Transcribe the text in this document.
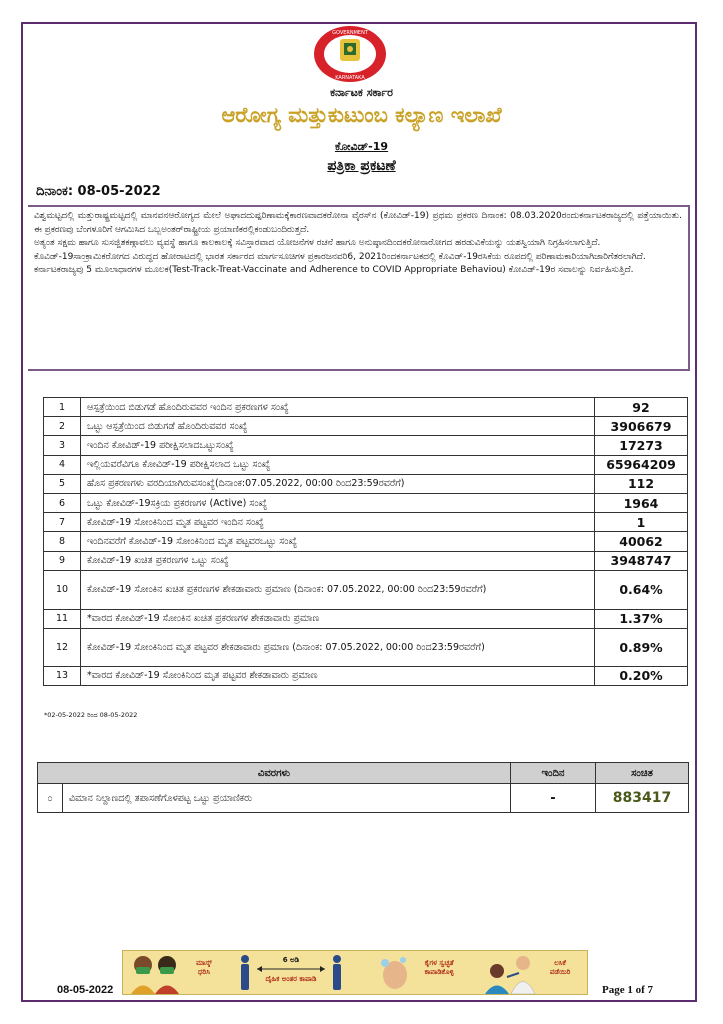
GOVERNMENT
KARNATAKA
ಕರ್ನಾಟಕ ಸರ್ಕಾರ
ಆರೋಗ್ಯ ಮತ್ತುಕುಟುಂಬ ಕಲ್ಯಾಣ ಇಲಾಖೆ
ಕೋವಿಡ್-19
ಪತ್ರಿಕಾ ಪ್ರಕಟಣೆ
ದಿನಾಂಕ: 08-05-2022

ವಿಶ್ವಮಟ್ಟದಲ್ಲಿ ಮತ್ತುರಾಷ್ಟ್ರಮಟ್ಟದಲ್ಲಿ ಮಾನವನಆರೋಗ್ಯದ ಮೇಲೆ ಅಘಾದದುಷ್ಪರಿಣಾಮಕ್ಕೆಕಾರಣವಾದಕರೋನಾ ವೈರಸ್‌ನ (ಕೋವಿಡ್-19) ಪ್ರಥಮ ಪ್ರಕರಣ ದಿನಾಂಕ: 08.03.2020ರಂದುಕರ್ನಾಟಕರಾಜ್ಯದಲ್ಲಿ ಪತ್ತೆಯಾಯಿತು. ಈ ಪ್ರಕರಣವು ಬೆಂಗಳೂರಿಗೆ ಆಗಮಿಸಿದ ಒಬ್ಬಅಂತರ್‌ರಾಷ್ಟ್ರೀಯ ಪ್ರಯಾಣಿಕರಲ್ಲಿಕಂಡುಬಂದಿರುತ್ತದೆ.

ಅತ್ಯಂತ ಸಕ್ಷಮ ಹಾಗೂ ಸುಸಜ್ಜಿತಕಣ್ಗಾವಲು ವ್ಯವಸ್ಥೆ ಹಾಗೂ ಕಾಲಕಾಲಕ್ಕೆ ಸವಿಸ್ತಾರವಾದ ಯೋಜನೆಗಳ ರಚನೆ ಹಾಗೂ ಅನುಷ್ಠಾನದಿಂದಕರೋನಾರೋಗದ ಹರಡುವಿಕೆಯನ್ನು ಯಶಸ್ವಿಯಾಗಿ ನಿಗ್ರಹಿಸಲಾಗುತ್ತಿದೆ.

ಕೊವಿಡ್-19ಸಾಂಕ್ರಾಮಿಕರೋಗದ ವಿರುದ್ಧದ ಹೋರಾಟದಲ್ಲಿ ಭಾರತ ಸರ್ಕಾರದ ಮಾರ್ಗಸೂಚಿಗಳ ಪ್ರಕಾರಜನವರಿ6, 2021ರಿಂದಕರ್ನಾಟಕದಲ್ಲಿ ಕೊವಿಡ್-19ರಸಿಕೆಯ ರೂಪದಲ್ಲಿ ಪರಿಣಾಮಕಾರಿಯಾಗಿಜಾರಿಗೆತರಲಾಗಿದೆ.

ಕರ್ನಾಟಕರಾಜ್ಯವು 5 ಮೂಲಾಧಾರಗಳ ಮೂಲಕ(Test-Track-Treat-Vaccinate and Adherence to COVID Appropriate Behaviou) ಕೋವಿಡ್-19ರ ಸವಾಲನ್ನು ನಿರ್ವಹಿಸುತ್ತಿದೆ.

1	ಆಸ್ಪತ್ರೆಯಿಂದ ಬಿಡುಗಡೆ ಹೊಂದಿರುವವರ ಇಂದಿನ ಪ್ರಕರಣಗಳ ಸಂಖ್ಯೆ	92
2	ಒಟ್ಟು ಆಸ್ಪತ್ರೆಯಿಂದ ಬಿಡುಗಡೆ ಹೊಂದಿರುವವರ ಸಂಖ್ಯೆ	3906679
3	ಇಂದಿನ ಕೋವಿಡ್-19 ಪರೀಕ್ಷಿಸಲಾದಒಟ್ಟುಸಂಖ್ಯೆ	17273
4	ಇಲ್ಲಿಯವರೆವಿಗೂ ಕೋವಿಡ್-19 ಪರೀಕ್ಷಿಸಲಾದ ಒಟ್ಟು ಸಂಖ್ಯೆ	65964209
5	ಹೊಸ ಪ್ರಕರಣಗಳು ವರದಿಯಾಗಿರುವಸಂಖ್ಯೆ(ದಿನಾಂಕ:07.05.2022, 00:00 ರಿಂದ23:59ರವರೆಗೆ)	112
6	ಒಟ್ಟು ಕೋವಿಡ್-19ಸಕ್ರಿಯ ಪ್ರಕರಣಗಳ (Active) ಸಂಖ್ಯೆ	1964
7	ಕೋವಿಡ್-19 ಸೋಂಕಿನಿಂದ ಮೃತ ಪಟ್ಟವರ ಇಂದಿನ ಸಂಖ್ಯೆ	1
8	ಇಂದಿನವರೆಗೆ ಕೋವಿಡ್-19 ಸೋಂಕಿನಿಂದ ಮೃತ ಪಟ್ಟವರಒಟ್ಟು ಸಂಖ್ಯೆ	40062
9	ಕೋವಿಡ್-19 ಖಚಿತ ಪ್ರಕರಣಗಳ ಒಟ್ಟು ಸಂಖ್ಯೆ	3948747
10	ಕೋವಿಡ್-19 ಸೋಂಕಿನ ಖಚಿತ ಪ್ರಕರಣಗಳ ಶೇಕಡಾವಾರು ಪ್ರಮಾಣ (ದಿನಾಂಕ: 07.05.2022, 00:00 ರಿಂದ23:59ರವರೆಗೆ)	0.64%
11	*ವಾರದ ಕೋವಿಡ್-19 ಸೋಂಕಿನ ಖಚಿತ ಪ್ರಕರಣಗಳ ಶೇಕಡಾವಾರು ಪ್ರಮಾಣ	1.37%
12	ಕೋವಿಡ್-19 ಸೋಂಕಿನಿಂದ ಮೃತ ಪಟ್ಟವರ ಶೇಕಡಾವಾರು ಪ್ರಮಾಣ (ದಿನಾಂಕ: 07.05.2022, 00:00 ರಿಂದ23:59ರವರೆಗೆ)	0.89%
13	*ವಾರದ ಕೋವಿಡ್-19 ಸೋಂಕಿನಿಂದ ಮೃತ ಪಟ್ಟವರ ಶೇಕಡಾವಾರು ಪ್ರಮಾಣ	0.20%
*02-05-2022 ರಿಂದ 08-05-2022
ವಿವರಗಳು		ಇಂದಿನ	ಸಂಚಿತ
೦	ವಿಮಾನ ನಿಲ್ದಾಣದಲ್ಲಿ ತಪಾಸಣೆಗೊಳಪಟ್ಟ ಒಟ್ಟು ಪ್ರಯಾಣಿಕರು	-	883417
ಮಾಸ್ಕ್ ಧರಿಸಿ
6 ಅಡಿ
ದೈಹಿಕ ಅಂತರ ಕಾಪಾಡಿ
ಕೈಗಳ ಸ್ವಚ್ಛತೆ ಕಾಪಾಡಿಕೊಳ್ಳಿ
ಲಸಿಕೆ ಪಡೆಯಿರಿ
08-05-2022	Page 1 of 7
